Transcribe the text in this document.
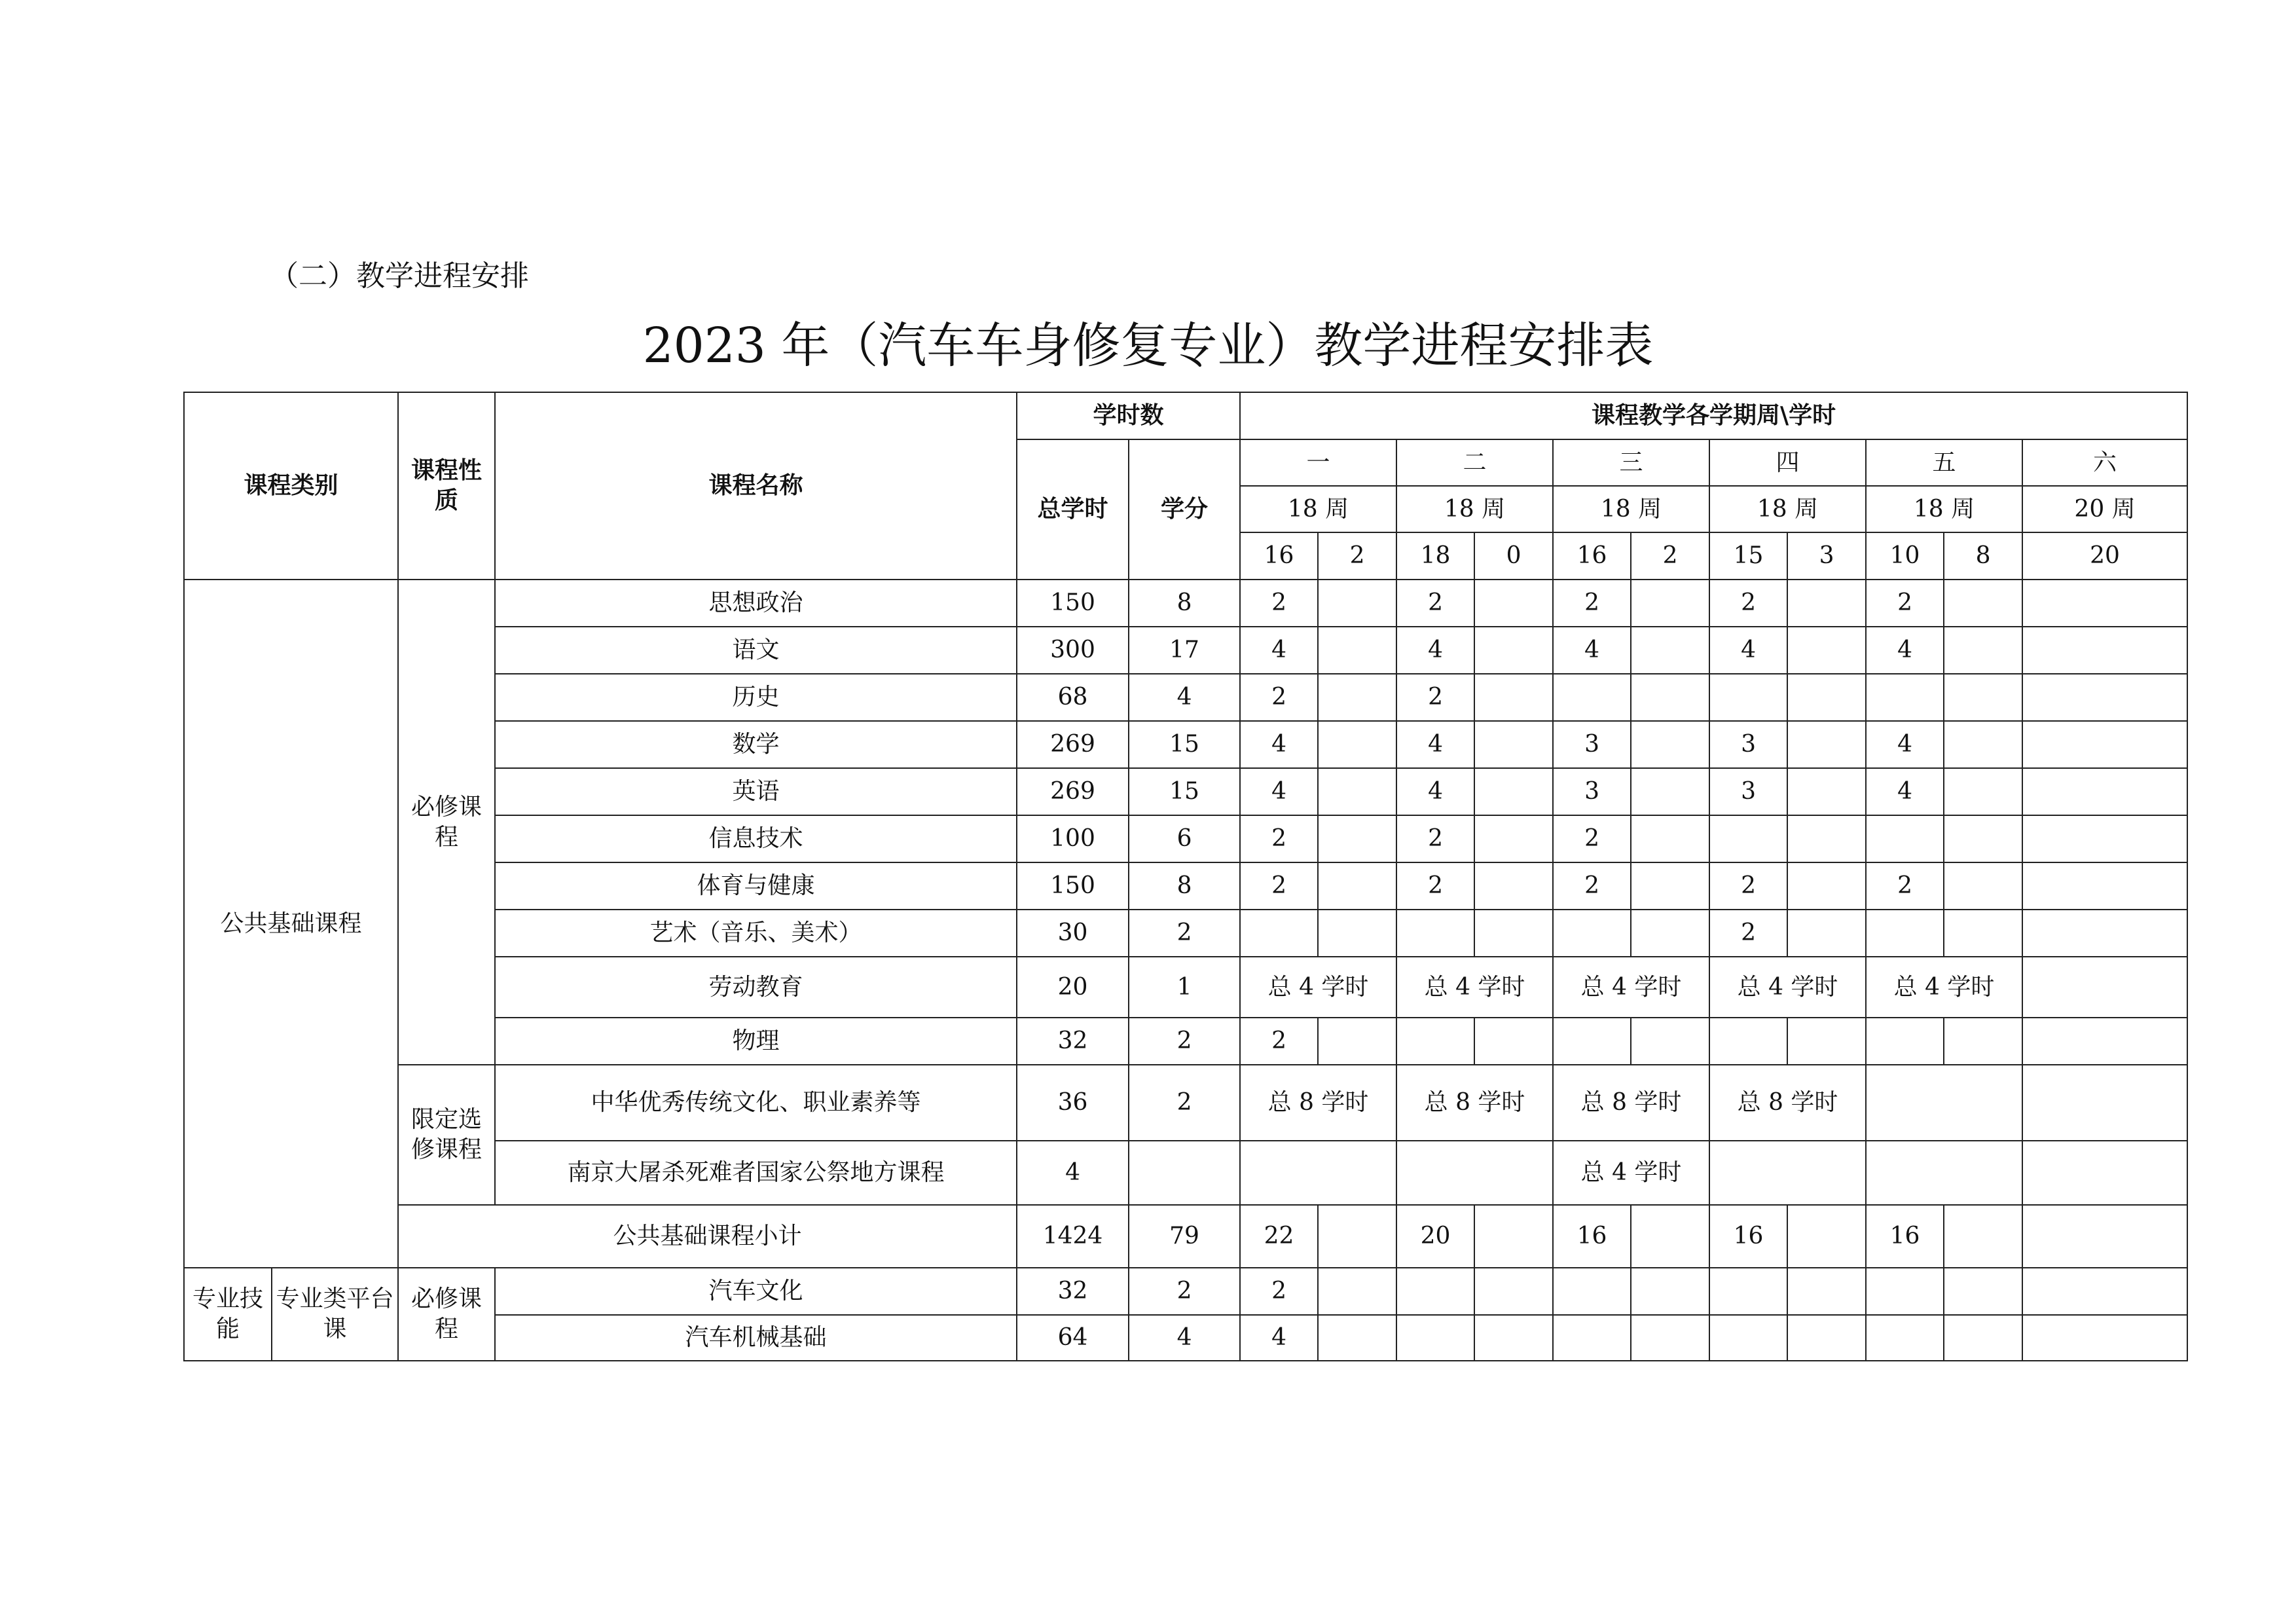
（二）教学进程安排
2023 年（汽车车身修复专业）教学进程安排表
课程类别		课程性质	课程名称	学时数		课程教学各学期周\学时										
				总学时	学分	一		二		三		四		五		六
						18 周		18 周		18 周		18 周		18 周		20 周
						16	2	18	0	16	2	15	3	10	8	20
公共基础课程		必修课程	思想政治	150	8	2		2		2		2		2		
			语文	300	17	4		4		4		4		4		
			历史	68	4	2		2								
			数学	269	15	4		4		3		3		4		
			英语	269	15	4		4		3		3		4		
			信息技术	100	6	2		2		2						
			体育与健康	150	8	2		2		2		2		2		
			艺术（音乐、美术）	30	2							2				
			劳动教育	20	1	总 4 学时		总 4 学时		总 4 学时		总 4 学时		总 4 学时		
			物理	32	2	2										
		限定选修课程	中华优秀传统文化、职业素养等	36	2	总 8 学时		总 8 学时		总 8 学时		总 8 学时				
			南京大屠杀死难者国家公祭地方课程	4						总 4 学时						
		公共基础课程小计		1424	79	22		20		16		16		16		
专业技能	专业类平台课	必修课程	汽车文化	32	2	2										
			汽车机械基础	64	4	4										
